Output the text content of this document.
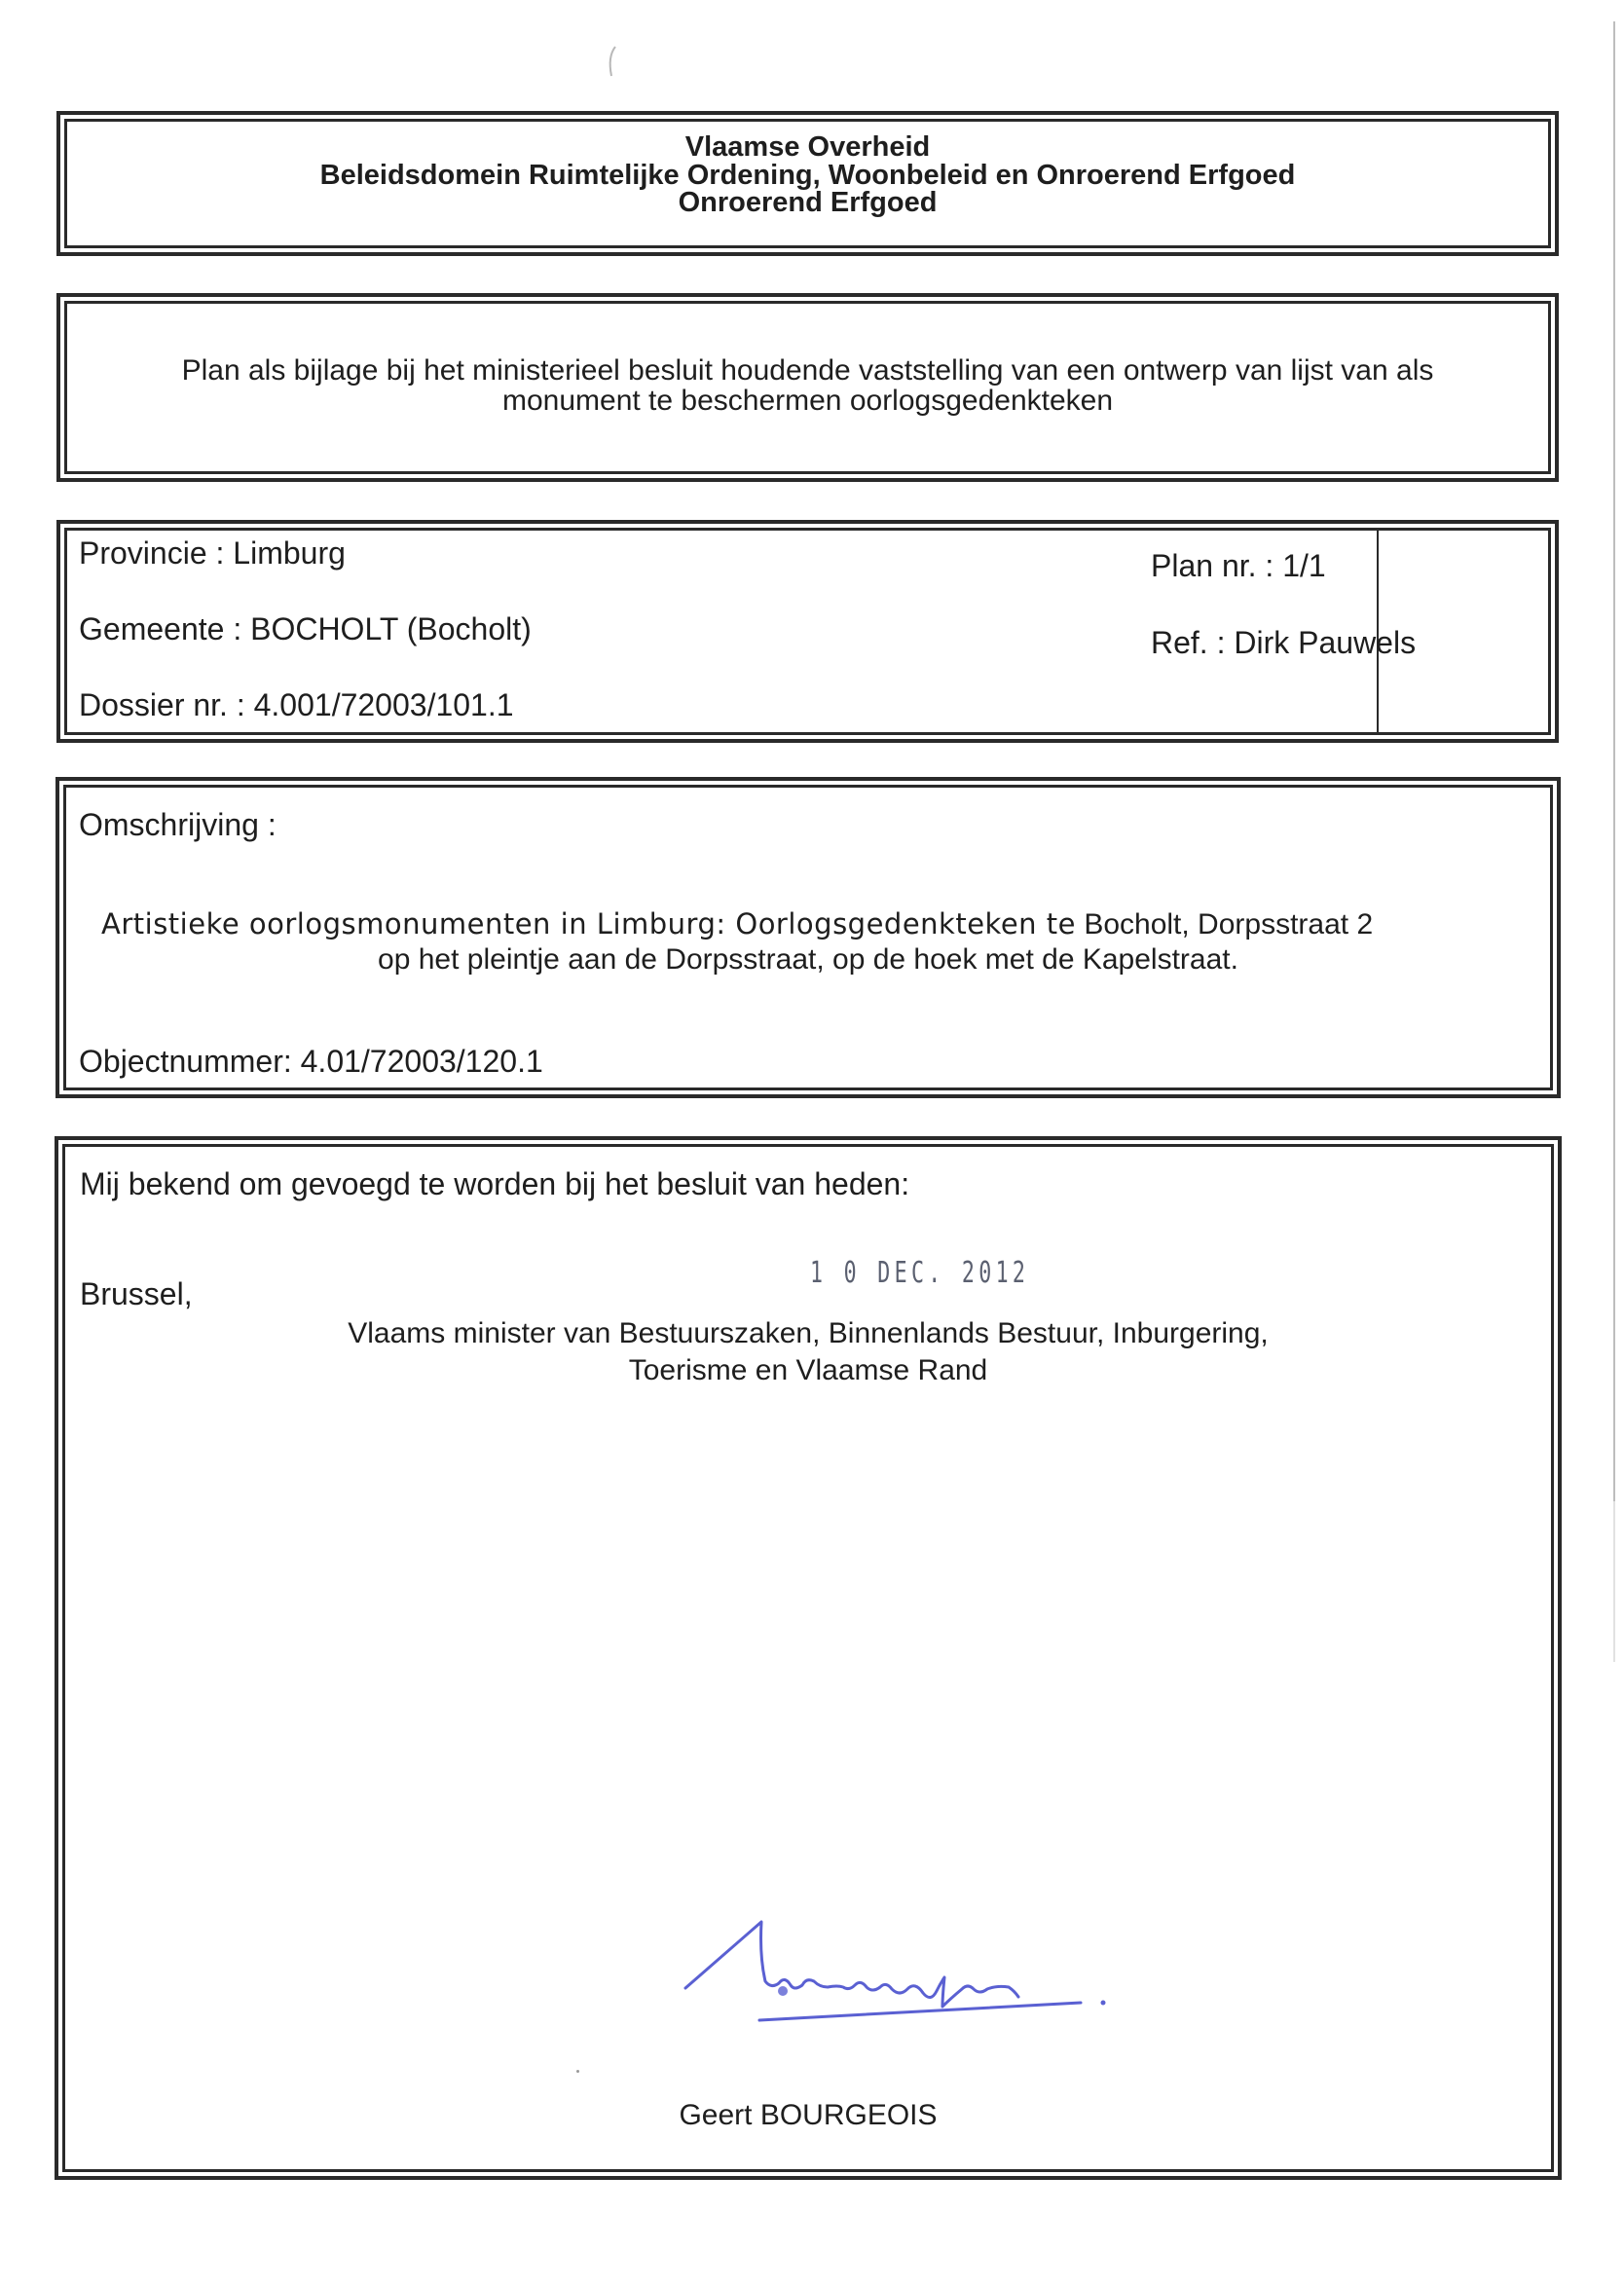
Vlaamse Overheid
Beleidsdomein Ruimtelijke Ordening, Woonbeleid en Onroerend Erfgoed
Onroerend Erfgoed
Plan als bijlage bij het ministerieel besluit houdende vaststelling van een ontwerp van lijst van als
monument te beschermen oorlogsgedenkteken
Provincie : Limburg
Gemeente : BOCHOLT (Bocholt)
Dossier nr. : 4.001/72003/101.1
Plan nr. : 1/1
Ref. : Dirk Pauwels
Omschrijving :
Artistieke oorlogsmonumenten in Limburg: Oorlogsgedenkteken te Bocholt, Dorpsstraat 2
op het pleintje aan de Dorpsstraat, op de hoek met de Kapelstraat.
Objectnummer: 4.01/72003/120.1
Mij bekend om gevoegd te worden bij het besluit van heden:
Brussel,
1 0 DEC. 2012
Vlaams minister van Bestuurszaken, Binnenlands Bestuur, Inburgering,
Toerisme en Vlaamse Rand
Geert BOURGEOIS
